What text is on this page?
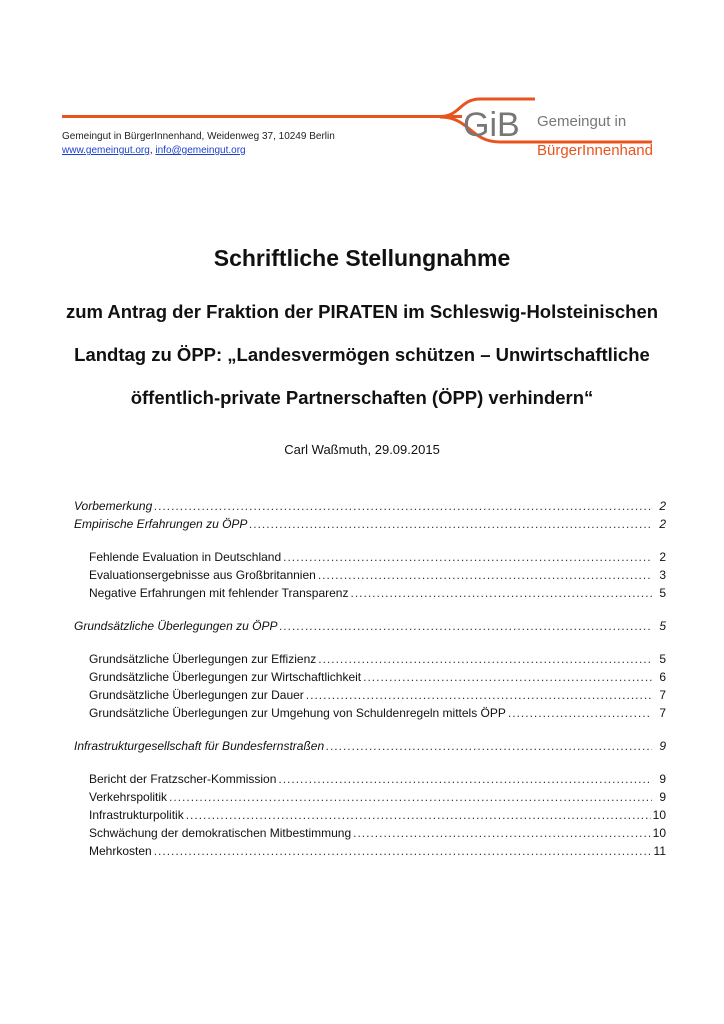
GiB Gemeingut in
BürgerInnenhand
Gemeingut in BürgerInnenhand, Weidenweg 37, 10249 Berlin
www.gemeingut.org, info@gemeingut.org
Schriftliche Stellungnahme
zum Antrag der Fraktion der PIRATEN im Schleswig-Holsteinischen Landtag zu ÖPP: „Landesvermögen schützen – Unwirtschaftliche öffentlich-private Partnerschaften (ÖPP) verhindern“
Carl Waßmuth, 29.09.2015
Vorbemerkung .....	2
Empirische Erfahrungen zu ÖPP .....	2
Fehlende Evaluation in Deutschland .....	2
Evaluationsergebnisse aus Großbritannien .....	3
Negative Erfahrungen mit fehlender Transparenz .....	5
Grundsätzliche Überlegungen zu ÖPP .....	5
Grundsätzliche Überlegungen zur Effizienz .....	5
Grundsätzliche Überlegungen zur Wirtschaftlichkeit .....	6
Grundsätzliche Überlegungen zur Dauer .....	7
Grundsätzliche Überlegungen zur Umgehung von Schuldenregeln mittels ÖPP .....	7
Infrastrukturgesellschaft für Bundesfernstraßen .....	9
Bericht der Fratzscher-Kommission .....	9
Verkehrspolitik .....	9
Infrastrukturpolitik .....	10
Schwächung der demokratischen Mitbestimmung .....	10
Mehrkosten .....	11
